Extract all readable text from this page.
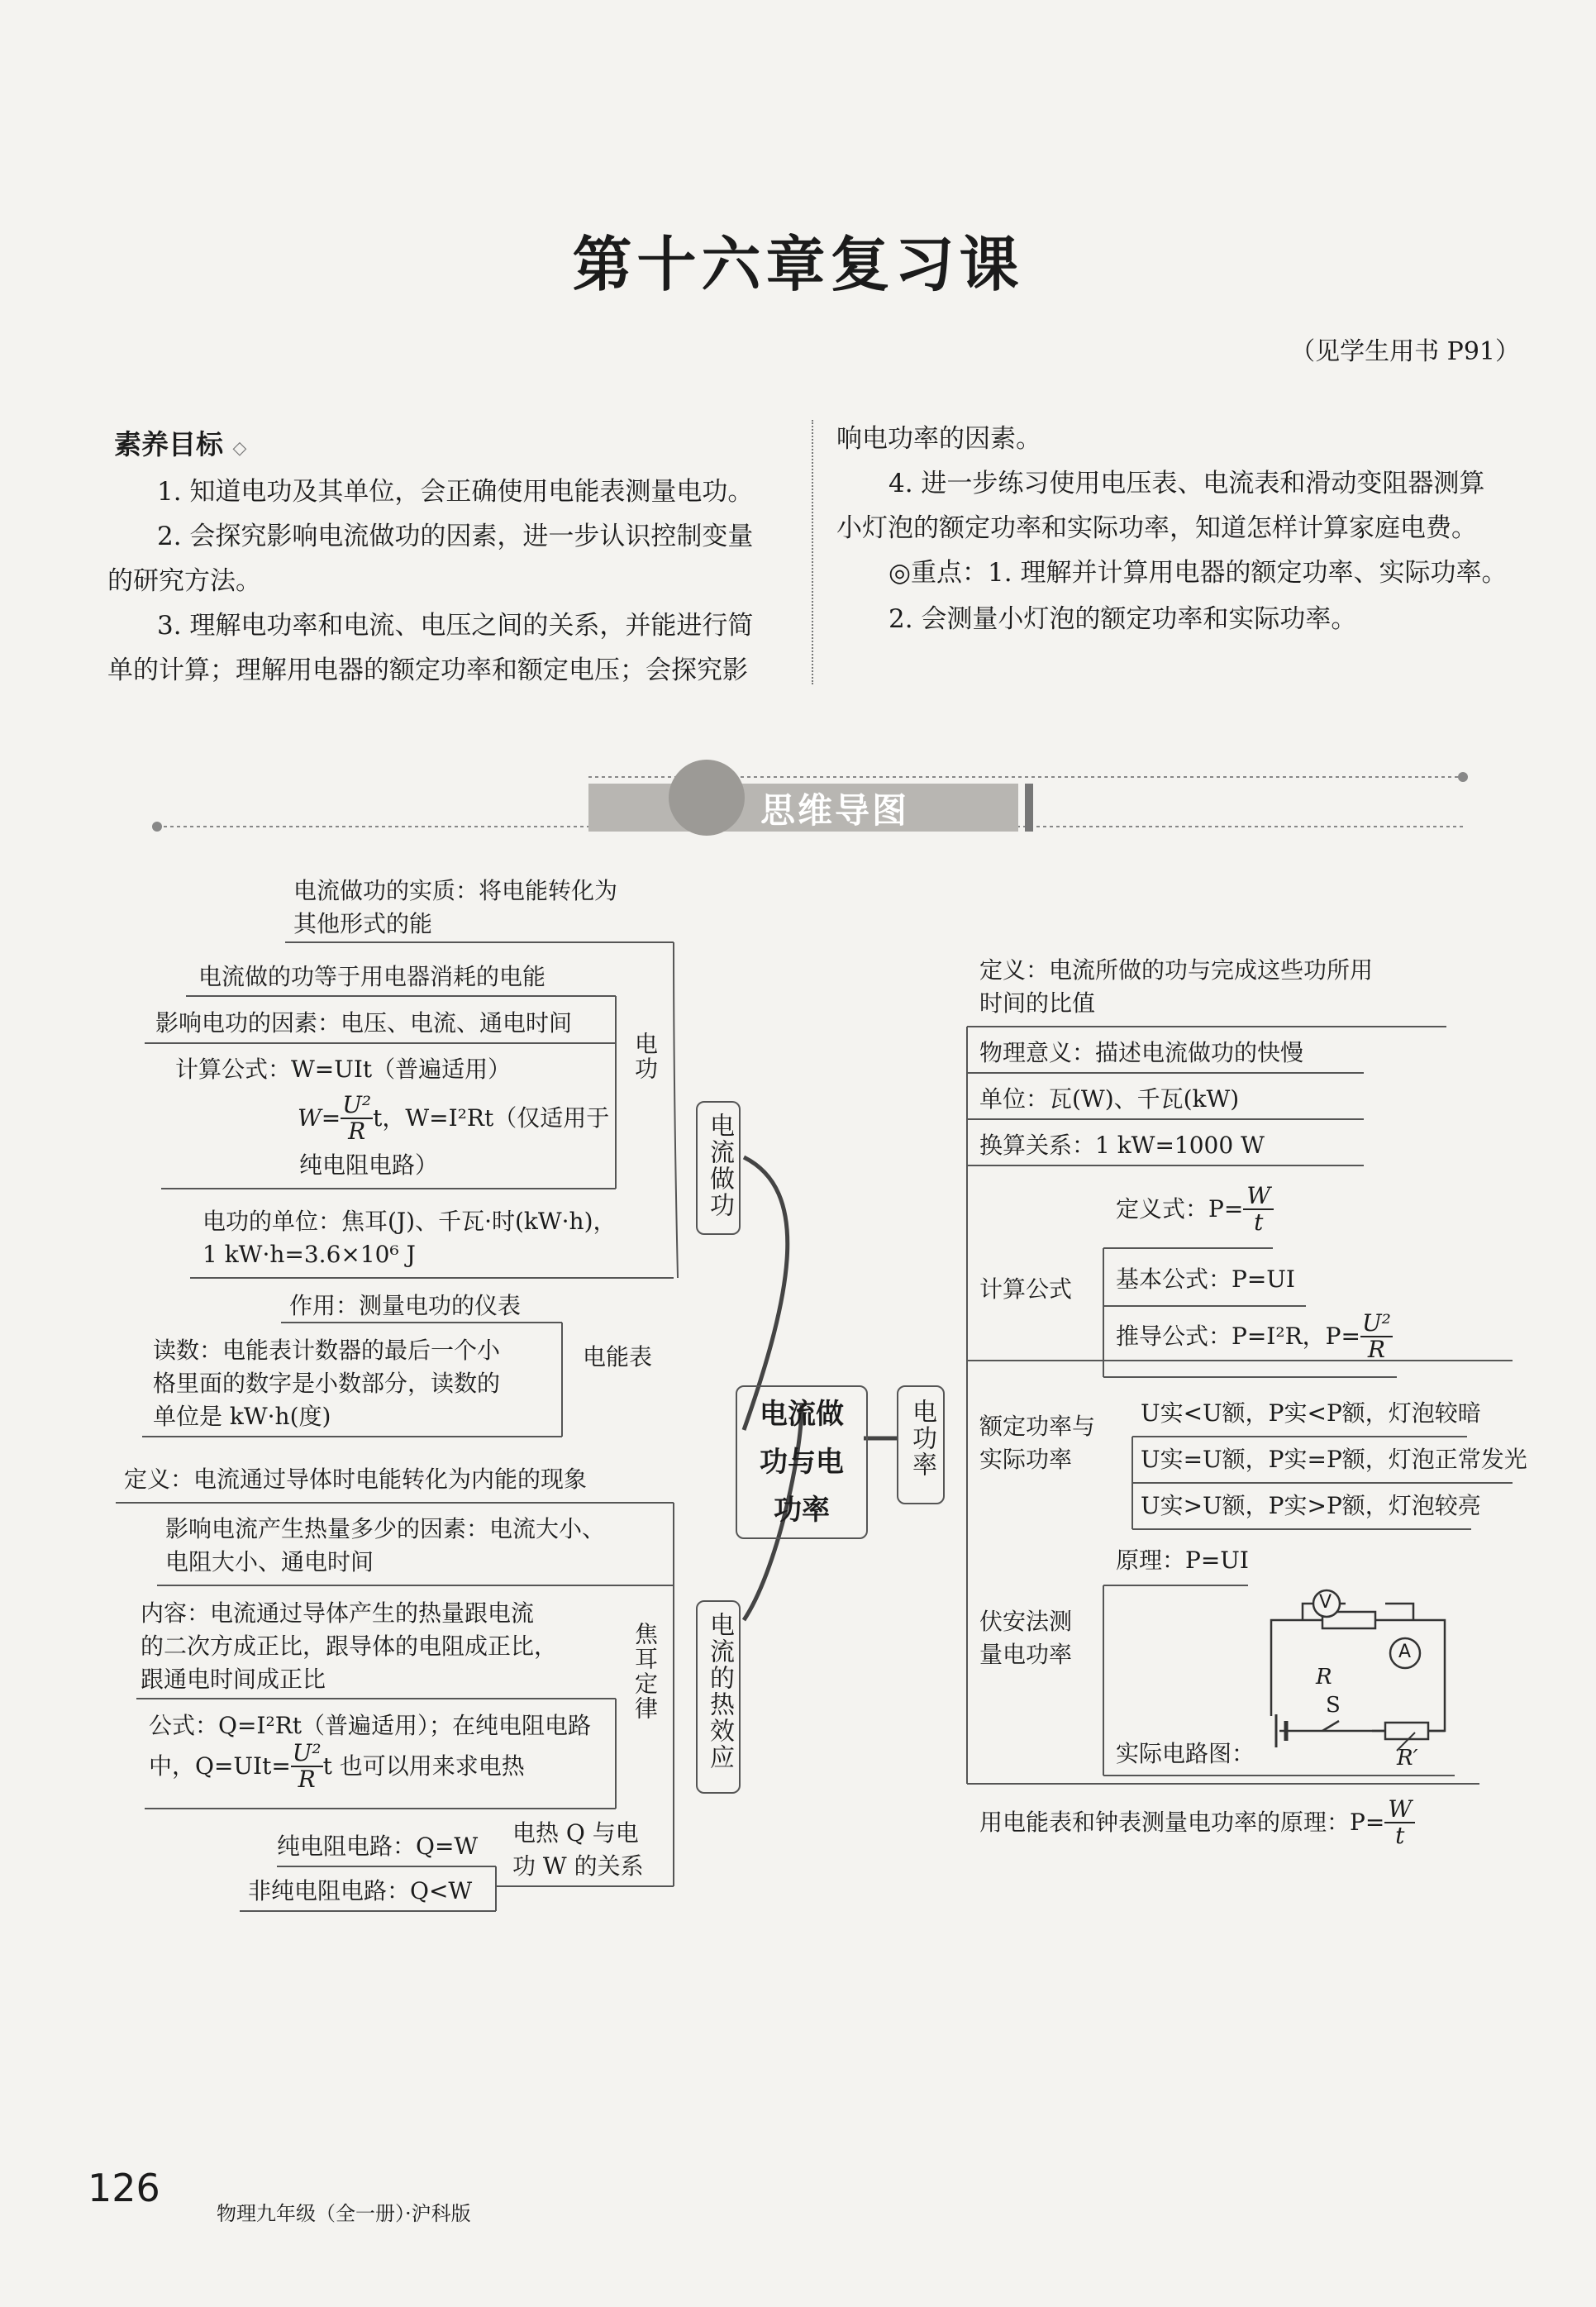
第十六章复习课
（见学生用书 P91）
素养目标 ◇
1. 知道电功及其单位，会正确使用电能表测量电功。
2. 会探究影响电流做功的因素，进一步认识控制变量
的研究方法。
3. 理解电功率和电流、电压之间的关系，并能进行简
单的计算；理解用电器的额定功率和额定电压；会探究影
响电功率的因素。
4. 进一步练习使用电压表、电流表和滑动变阻器测算
小灯泡的额定功率和实际功率，知道怎样计算家庭电费。
◎重点：1. 理解并计算用电器的额定功率、实际功率。
2. 会测量小灯泡的额定功率和实际功率。
思维导图
电流做
功与电
功率
电流做功
电流的热效应
电功率
电功
电能表
电流做功的实质：将电能转化为
其他形式的能
电流做的功等于用电器消耗的电能
影响电功的因素：电压、电流、通电时间
计算公式：W=UIt（普遍适用）
$W= \frac{\text{U²}}{R}$ t，W=I²Rt（仅适用于
纯电阻电路）
电功的单位：焦耳(J)、千瓦·时(kW·h)，
1 kW·h=3.6×10⁶ J
作用：测量电功的仪表
读数：电能表计数器的最后一个小
格里面的数字是小数部分，读数的
单位是 kW·h(度)
定义：电流通过导体时电能转化为内能的现象
影响电流产生热量多少的因素：电流大小、
电阻大小、通电时间
内容：电流通过导体产生的热量跟电流
的二次方成正比，跟导体的电阻成正比，
跟通电时间成正比
公式：Q=I²Rt（普遍适用）；在纯电阻电路
中，$Q=UIt= \frac{\text{U²}}{R}$ t 也可以用来求电热
焦耳定律
电热 Q 与电
功 W 的关系
纯电阻电路：Q=W
非纯电阻电路：Q<W
定义：电流所做的功与完成这些功所用
时间的比值
物理意义：描述电流做功的快慢
单位：瓦(W)、千瓦(kW)
换算关系：1 kW=1000 W
计算公式
定义式：$P= \frac{W}{t}$
基本公式：P=UI
推导公式：P=I²R，$P= \frac{\text{U²}}{R}$
额定功率与
实际功率
U实<U额，P实<P额，灯泡较暗
U实=U额，P实=P额，灯泡正常发光
U实>U额，P实>P额，灯泡较亮
伏安法测
量电功率
原理：P=UI
实际电路图：
V
A
R
S
R′
用电能表和钟表测量电功率的原理：$P= \frac{W}{t}$
126
物理九年级（全一册）·沪科版
